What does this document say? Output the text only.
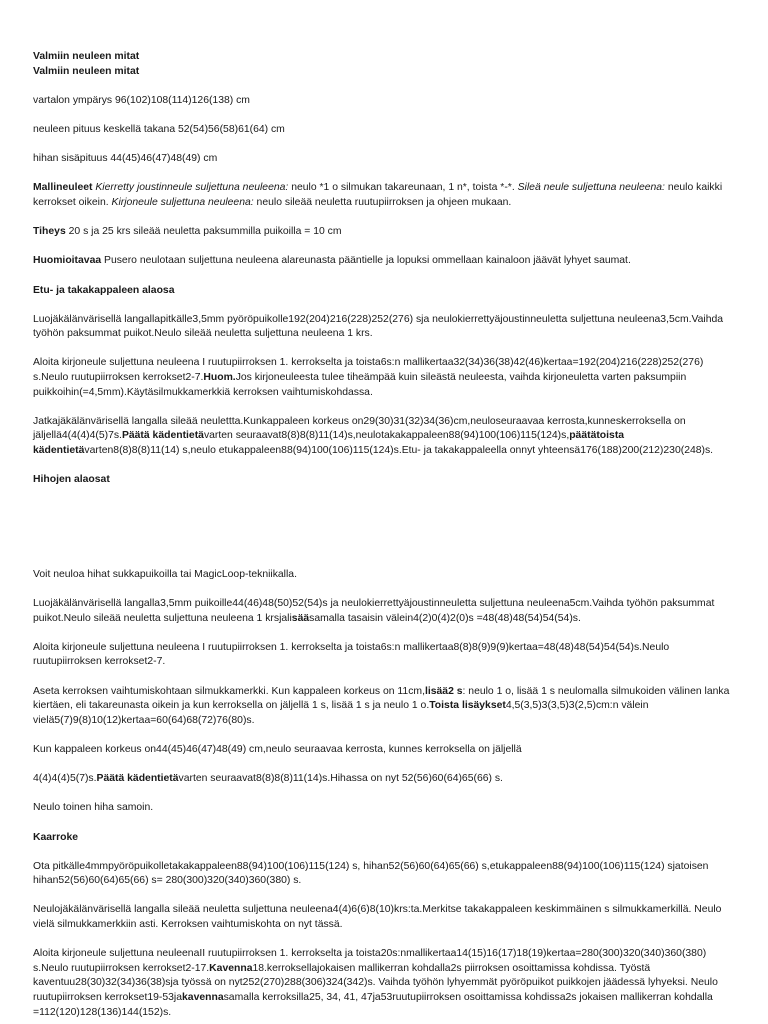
Valmiin neuleen mitat

Valmiin neuleen mitat

vartalon ympärys 96(102)108(114)126(138) cm

neuleen pituus keskellä takana 52(54)56(58)61(64) cm

hihan sisäpituus 44(45)46(47)48(49) cm

Mallineuleet Kierretty joustinneule suljettuna neuleena: neulo *1 o silmukan takareunaan, 1 n*, toista *-*. Sileä neule suljettuna neuleena: neulo kaikki kerrokset oikein. Kirjoneule suljettuna neuleena: neulo sileää neuletta ruutupiirroksen ja ohjeen mukaan.

Tiheys 20 s ja 25 krs sileää neuletta paksummilla puikoilla = 10 cm

Huomioitavaa Pusero neulotaan suljettuna neuleena alareunasta pääntielle ja lopuksi ommellaan kainaloon jäävät lyhyet saumat.

Etu- ja takakappaleen alaosa

Luojäkälänvärisellä langallapitkälle3,5mm pyöröpuikolle192(204)216(228)252(276) sja neulokierrettyäjoustinneuletta suljettuna neuleena3,5cm.Vaihda työhön paksummat puikot.Neulo sileää neuletta suljettuna neuleena 1 krs.

Aloita kirjoneule suljettuna neuleena I ruutupiirroksen 1. kerrokselta ja toista6s:n mallikertaa32(34)36(38)42(46)kertaa=192(204)216(228)252(276) s.Neulo ruutupiirroksen kerrokset2-7.Huom.Jos kirjoneuleesta tulee tiheämpää kuin sileästä neuleesta, vaihda kirjoneuletta varten paksumpiin puikkoihin(=4,5mm).Käytäsilmukkamerkkiä kerroksen vaihtumiskohdassa.

Jatkajäkälänvärisellä langalla sileää neulettta.Kunkappaleen korkeus on29(30)31(32)34(36)cm,neuloseuraavaa kerrosta,kunneskerroksella on jäljellä4(4(4)4(5)7s.Päätä kädentietävarten seuraavat8(8)8(8)11(14)s,neulotakakappaleen88(94)100(106)115(124)s,päätätoista kädentietävarten8(8)8(8)11(14) s,neulo etukappaleen88(94)100(106)115(124)s.Etu- ja takakappaleella onnyt yhteensä176(188)200(212)230(248)s.

Hihojen alaosat

Voit neuloa hihat sukkapuikoilla tai MagicLoop-tekniikalla.

Luojäkälänvärisellä langalla3,5mm puikoille44(46)48(50)52(54)s ja neulokierrettyäjoustinneuletta suljettuna neuleena5cm.Vaihda työhön paksummat puikot.Neulo sileää neuletta suljettuna neuleena 1 krsjalisääsamalla tasaisin välein4(2)0(4)2(0)s =48(48)48(54)54(54)s.

Aloita kirjoneule suljettuna neuleena I ruutupiirroksen 1. kerrokselta ja toista6s:n mallikertaa8(8)8(9)9(9)kertaa=48(48)48(54)54(54)s.Neulo ruutupiirroksen kerrokset2-7.

Aseta kerroksen vaihtumiskohtaan silmukkamerkki. Kun kappaleen korkeus on 11cm,lisää2 s: neulo 1 o, lisää 1 s neulomalla silmukoiden välinen lanka kiertäen, eli takareunasta oikein ja kun kerroksella on jäljellä 1 s, lisää 1 s ja neulo 1 o.Toista lisäykset4,5(3,5)3(3,5)3(2,5)cm:n välein vielä5(7)9(8)10(12)kertaa=60(64)68(72)76(80)s.

Kun kappaleen korkeus on44(45)46(47)48(49) cm,neulo seuraavaa kerrosta, kunnes kerroksella on jäljellä

4(4)4(4)5(7)s.Päätä kädentietävarten seuraavat8(8)8(8)11(14)s.Hihassa on nyt 52(56)60(64)65(66) s.

Neulo toinen hiha samoin.

Kaarroke

Ota pitkälle4mmpyöröpuikolletakakappaleen88(94)100(106)115(124) s, hihan52(56)60(64)65(66) s,etukappaleen88(94)100(106)115(124) sjatoisen hihan52(56)60(64)65(66) s= 280(300)320(340)360(380) s.

Neulojäkälänvärisellä langalla sileää neuletta suljettuna neuleena4(4)6(6)8(10)krs:ta.Merkitse takakappaleen keskimmäinen s silmukkamerkillä. Neulo vielä silmukkamerkkiin asti. Kerroksen vaihtumiskohta on nyt tässä.

Aloita kirjoneule suljettuna neuleenaII ruutupiirroksen 1. kerrokselta ja toista20s:nmallikertaa14(15)16(17)18(19)kertaa=280(300)320(340)360(380) s.Neulo ruutupiirroksen kerrokset2-17.Kavenna18.kerroksellajokaisen mallikerran kohdalla2s piirroksen osoittamissa kohdissa. Työstä kaventuu28(30)32(34)36(38)sja työssä on nyt252(270)288(306)324(342)s. Vaihda työhön lyhyemmät pyöröpuikot puikkojen jäädessä lyhyeksi. Neulo ruutupiirroksen kerrokset19-53jakavennasamalla kerroksilla25, 34, 41, 47ja53ruutupiirroksen osoittamissa kohdissa2s jokaisen mallikerran kohdalla =112(120)128(136)144(152)s.
